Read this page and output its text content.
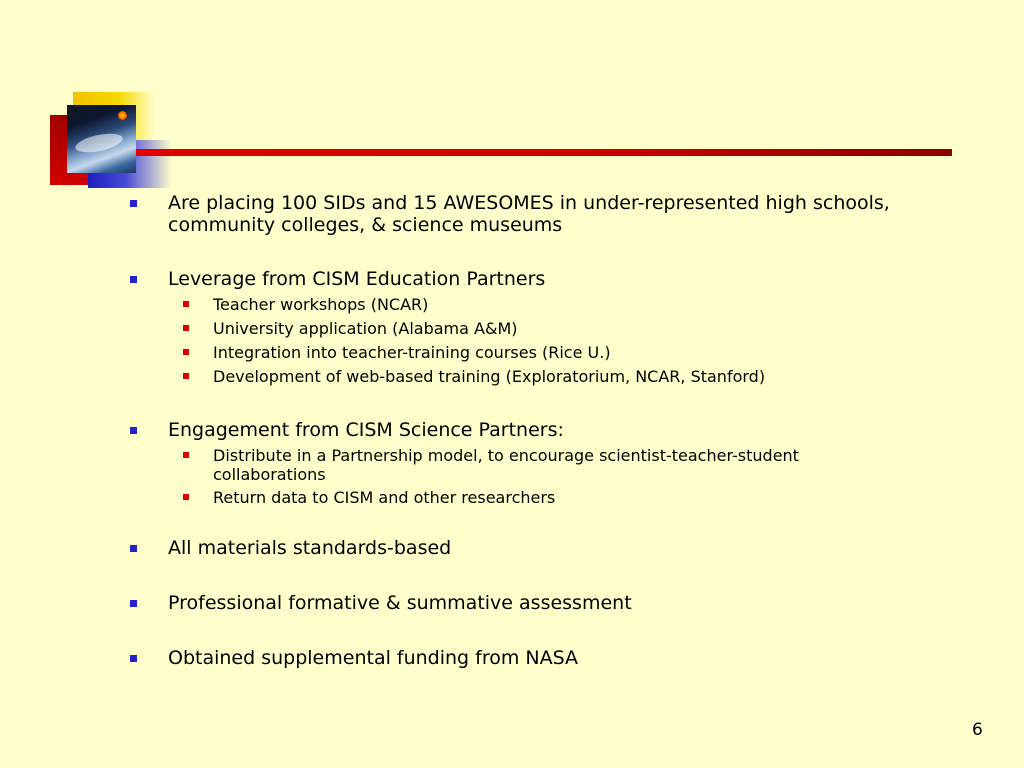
Are placing 100 SIDs and 15 AWESOMES in under-represented high schools, community colleges, & science museums
Leverage from CISM Education Partners
Teacher workshops (NCAR)
University application (Alabama A&M)
Integration into teacher-training courses (Rice U.)
Development of web-based training (Exploratorium, NCAR, Stanford)
Engagement from CISM Science Partners:
Distribute in a Partnership model, to encourage scientist-teacher-student collaborations
Return data to CISM and other researchers
All materials standards-based
Professional formative & summative assessment
Obtained supplemental funding from NASA
6
